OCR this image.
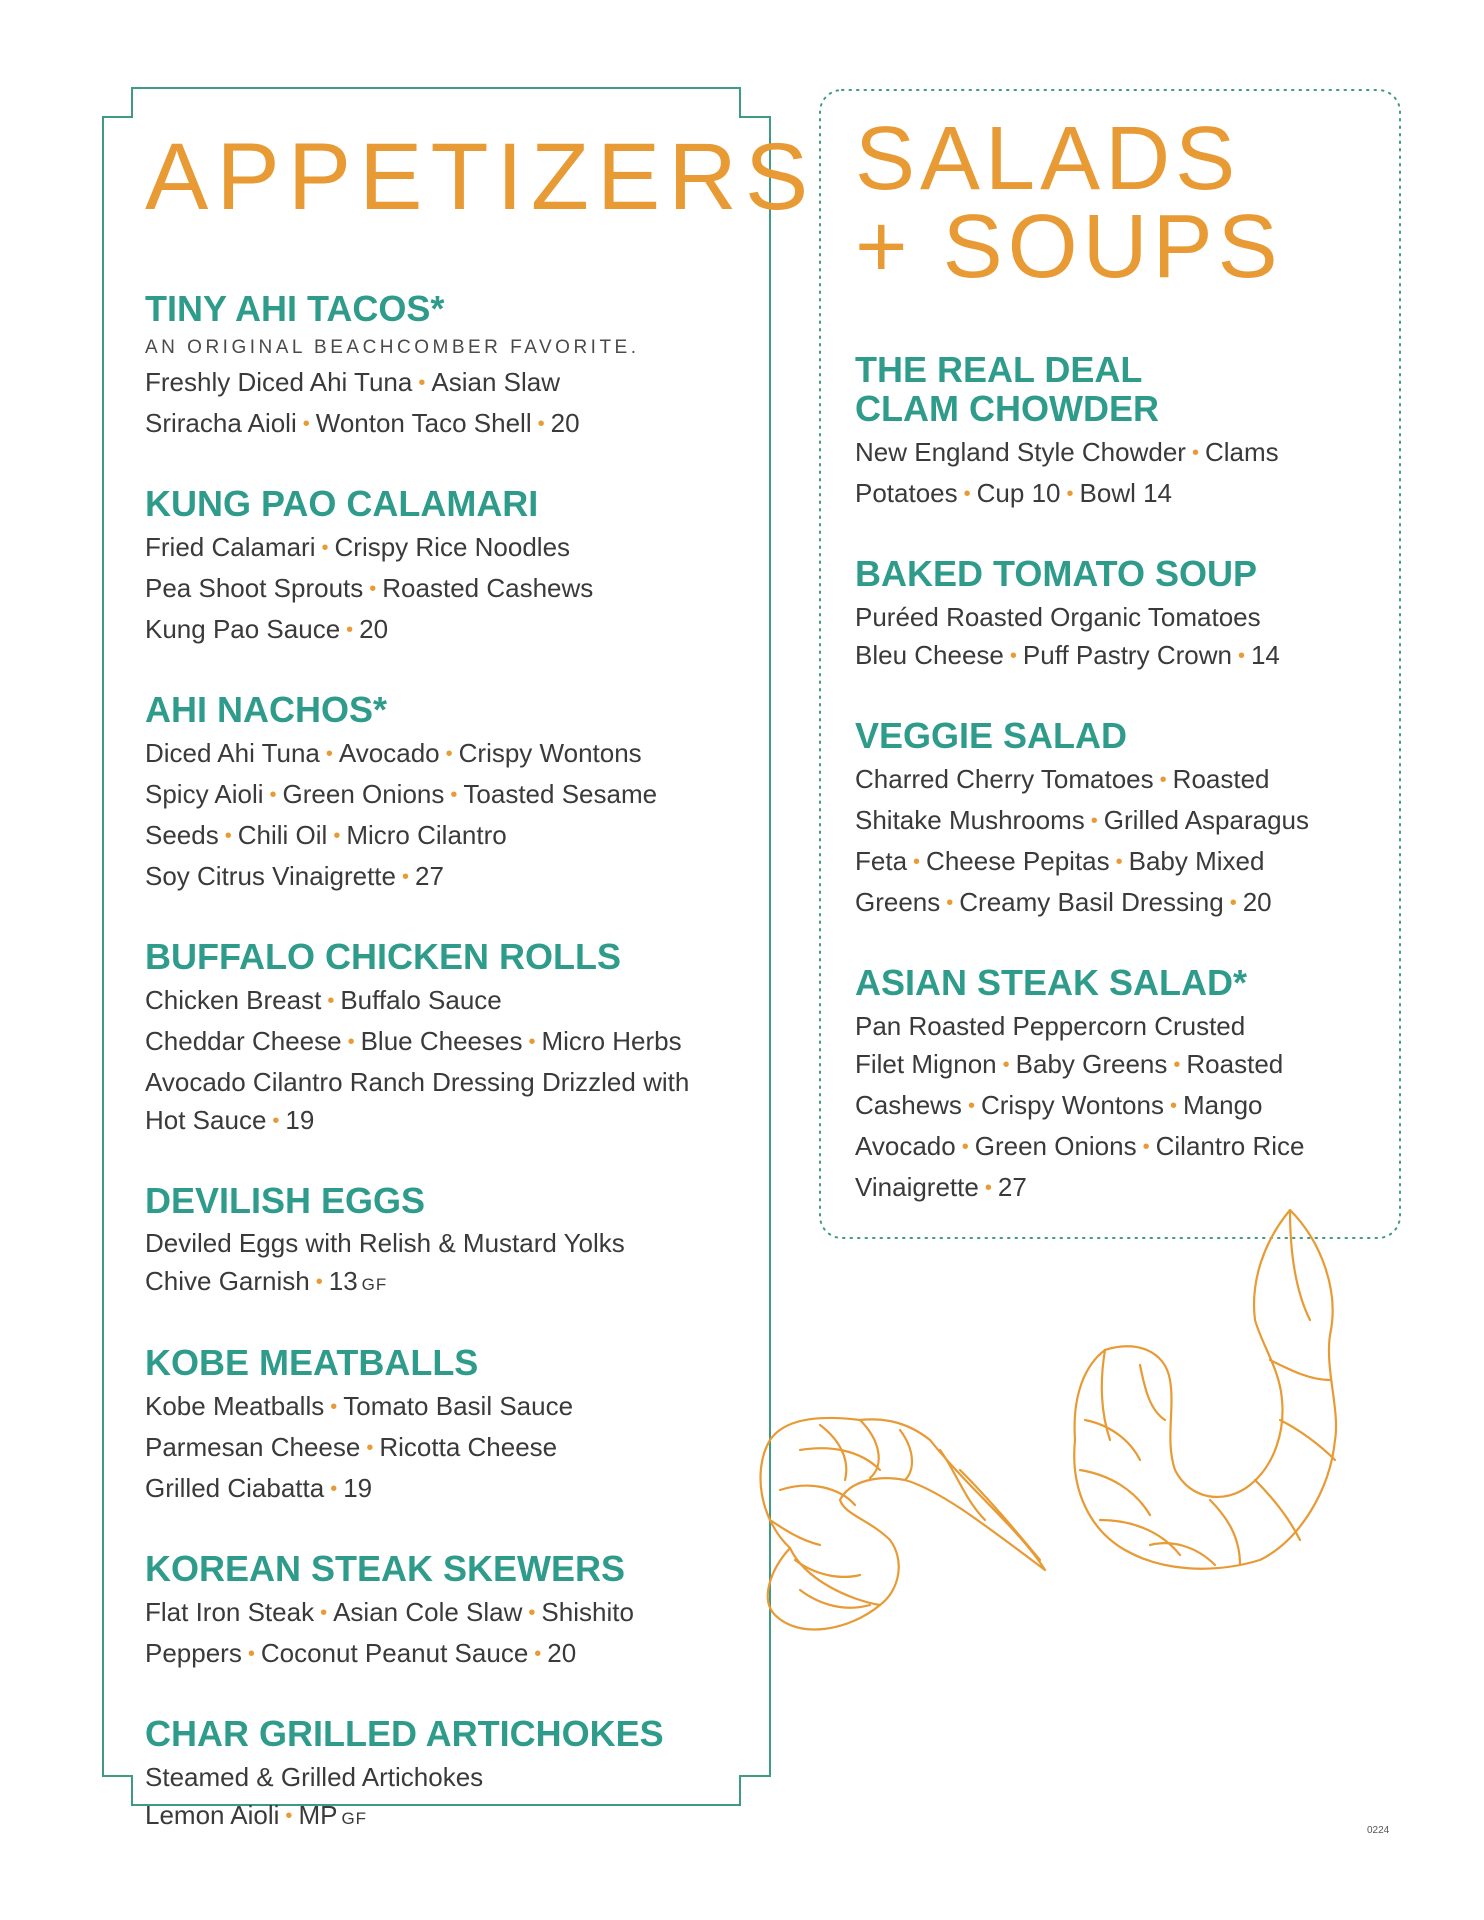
APPETIZERS
TINY AHI TACOS*
AN ORIGINAL BEACHCOMBER FAVORITE.
Freshly Diced Ahi Tuna • Asian Slaw
Sriracha Aioli • Wonton Taco Shell • 20
KUNG PAO CALAMARI
Fried Calamari • Crispy Rice Noodles
Pea Shoot Sprouts • Roasted Cashews
Kung Pao Sauce • 20
AHI NACHOS*
Diced Ahi Tuna • Avocado • Crispy Wontons
Spicy Aioli • Green Onions • Toasted Sesame
Seeds • Chili Oil • Micro Cilantro
Soy Citrus Vinaigrette • 27
BUFFALO CHICKEN ROLLS
Chicken Breast • Buffalo Sauce
Cheddar Cheese • Blue Cheeses • Micro Herbs
Avocado Cilantro Ranch Dressing Drizzled with
Hot Sauce • 19
DEVILISH EGGS
Deviled Eggs with Relish & Mustard Yolks
Chive Garnish • 13 GF
KOBE MEATBALLS
Kobe Meatballs • Tomato Basil Sauce
Parmesan Cheese • Ricotta Cheese
Grilled Ciabatta • 19
KOREAN STEAK SKEWERS
Flat Iron Steak • Asian Cole Slaw • Shishito
Peppers • Coconut Peanut Sauce • 20
CHAR GRILLED ARTICHOKES
Steamed & Grilled Artichokes
Lemon Aioli • MP GF
SALADS
+ SOUPS
THE REAL DEAL
CLAM CHOWDER
New England Style Chowder • Clams
Potatoes • Cup 10 • Bowl 14
BAKED TOMATO SOUP
Puréed Roasted Organic Tomatoes
Bleu Cheese • Puff Pastry Crown • 14
VEGGIE SALAD
Charred Cherry Tomatoes • Roasted
Shitake Mushrooms • Grilled Asparagus
Feta • Cheese Pepitas • Baby Mixed
Greens • Creamy Basil Dressing • 20
ASIAN STEAK SALAD*
Pan Roasted Peppercorn Crusted
Filet Mignon • Baby Greens • Roasted
Cashews • Crispy Wontons • Mango
Avocado • Green Onions • Cilantro Rice
Vinaigrette • 27
0224
